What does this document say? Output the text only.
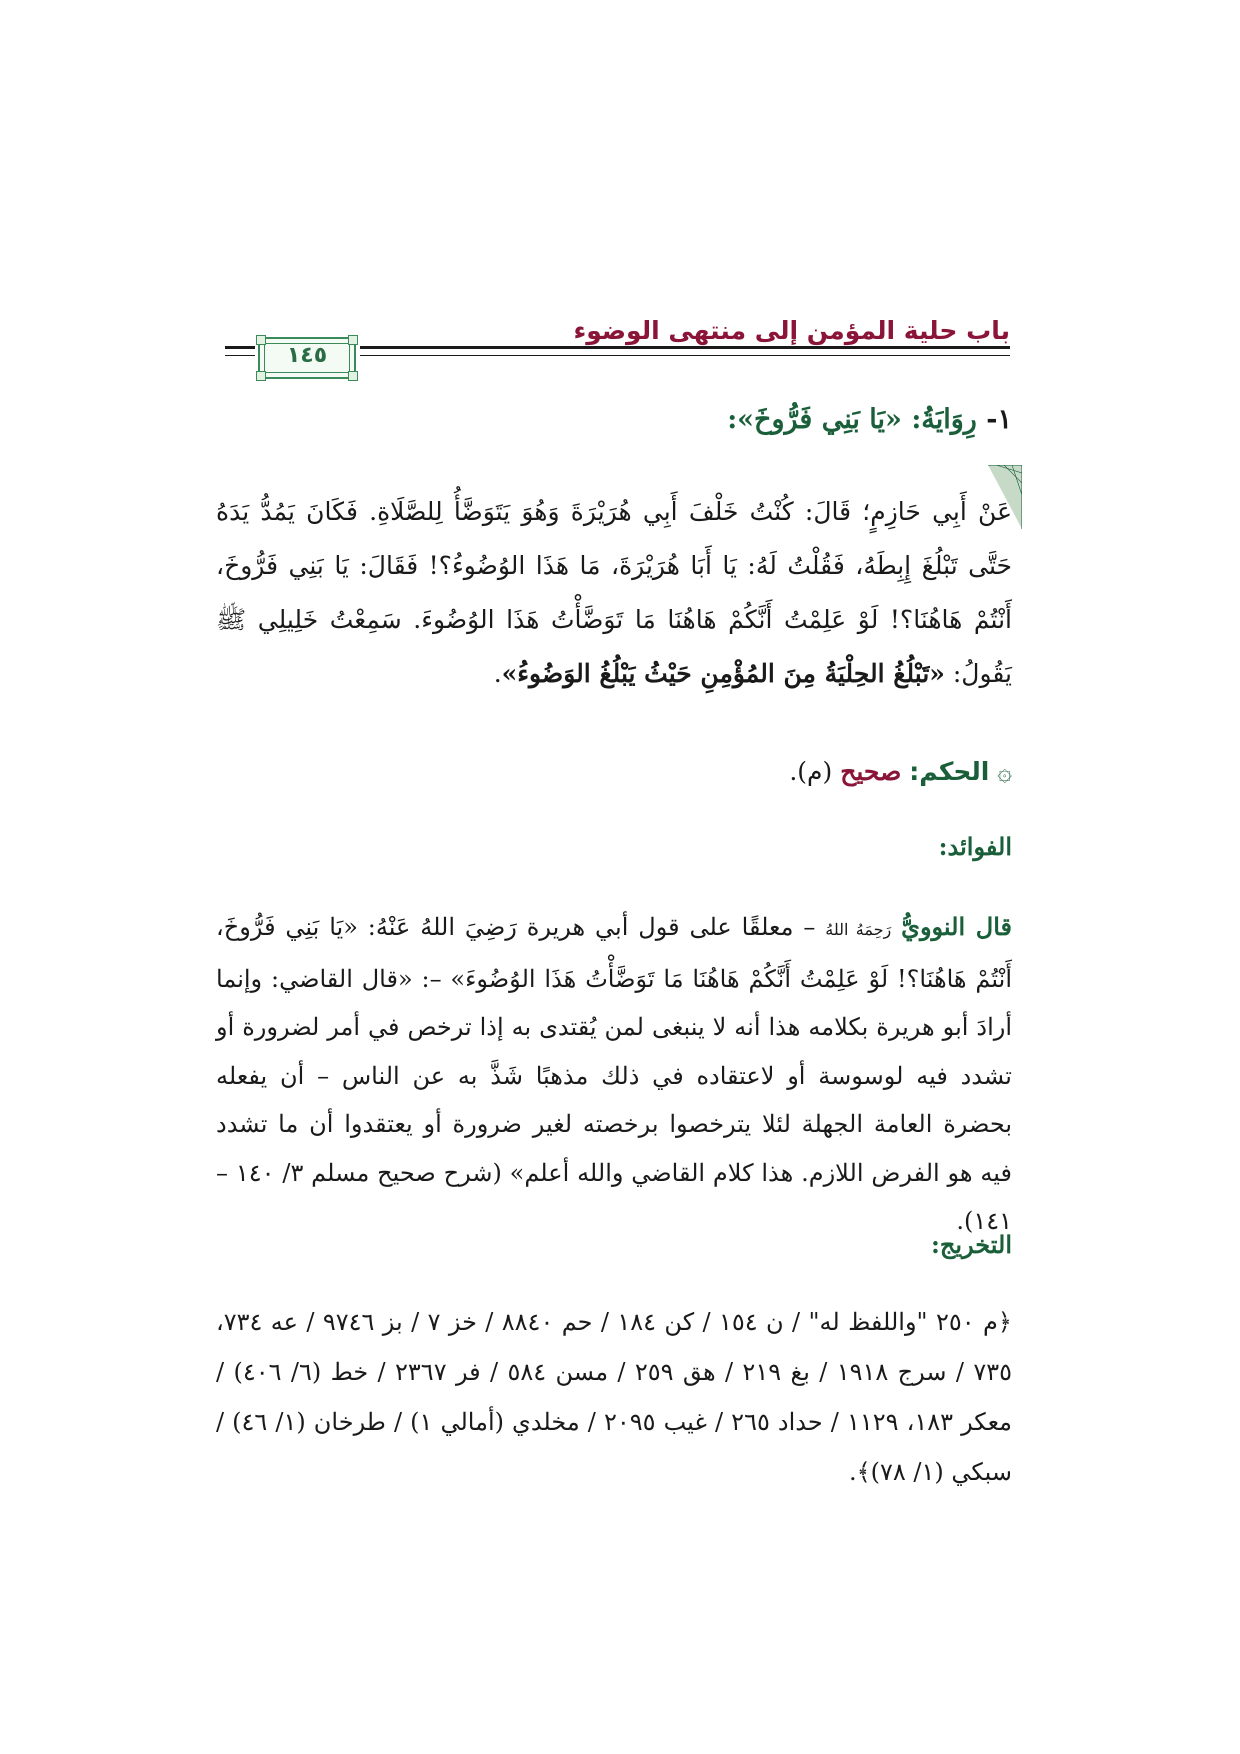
باب حلية المؤمن إلى منتهى الوضوء
١٤٥
١- رِوَايَةُ: «يَا بَنِي فَرُّوخَ»:
عَنْ أَبِي حَازِمٍ؛ قَالَ: كُنْتُ خَلْفَ أَبِي هُرَيْرَةَ وَهُوَ يَتَوَضَّأُ لِلصَّلَاةِ. فَكَانَ يَمُدُّ يَدَهُ حَتَّى تَبْلُغَ إِبِطَهُ، فَقُلْتُ لَهُ: يَا أَبَا هُرَيْرَةَ، مَا هَذَا الوُضُوءُ؟! فَقَالَ: يَا بَنِي فَرُّوخَ، أَنْتُمْ هَاهُنَا؟! لَوْ عَلِمْتُ أَنَّكُمْ هَاهُنَا مَا تَوَضَّأْتُ هَذَا الوُضُوءَ. سَمِعْتُ خَلِيلِي ﷺ يَقُولُ: «تَبْلُغُ الحِلْيَةُ مِنَ المُؤْمِنِ حَيْثُ يَبْلُغُ الوَضُوءُ».
۞ الحكم: صحيح (م).
الفوائد:
قال النوويُّ رَحِمَهُ اللهُ – معلقًا على قول أبي هريرة رَضِيَ اللهُ عَنْهُ: «يَا بَنِي فَرُّوخَ، أَنْتُمْ هَاهُنَا؟! لَوْ عَلِمْتُ أَنَّكُمْ هَاهُنَا مَا تَوَضَّأْتُ هَذَا الوُضُوءَ» –: «قال القاضي: وإنما أرادَ أبو هريرة بكلامه هذا أنه لا ينبغى لمن يُقتدى به إذا ترخص في أمر لضرورة أو تشدد فيه لوسوسة أو لاعتقاده في ذلك مذهبًا شَذَّ به عن الناس – أن يفعله بحضرة العامة الجهلة لئلا يترخصوا برخصته لغير ضرورة أو يعتقدوا أن ما تشدد فيه هو الفرض اللازم. هذا كلام القاضي والله أعلم» (شرح صحيح مسلم ٣/ ١٤٠ – ١٤١).
التخريج:
﴿م ٢٥٠ "واللفظ له" / ن ١٥٤ / كن ١٨٤ / حم ٨٨٤٠ / خز ٧ / بز ٩٧٤٦ / عه ٧٣٤، ٧٣٥ / سرج ١٩١٨ / بغ ٢١٩ / هق ٢٥٩ / مسن ٥٨٤ / فر ٢٣٦٧ / خط (٦/ ٤٠٦) / معكر ١٨٣، ١١٢٩ / حداد ٢٦٥ / غيب ٢٠٩٥ / مخلدي (أمالي ١) / طرخان (١/ ٤٦) / سبكي (١/ ٧٨)﴾.
